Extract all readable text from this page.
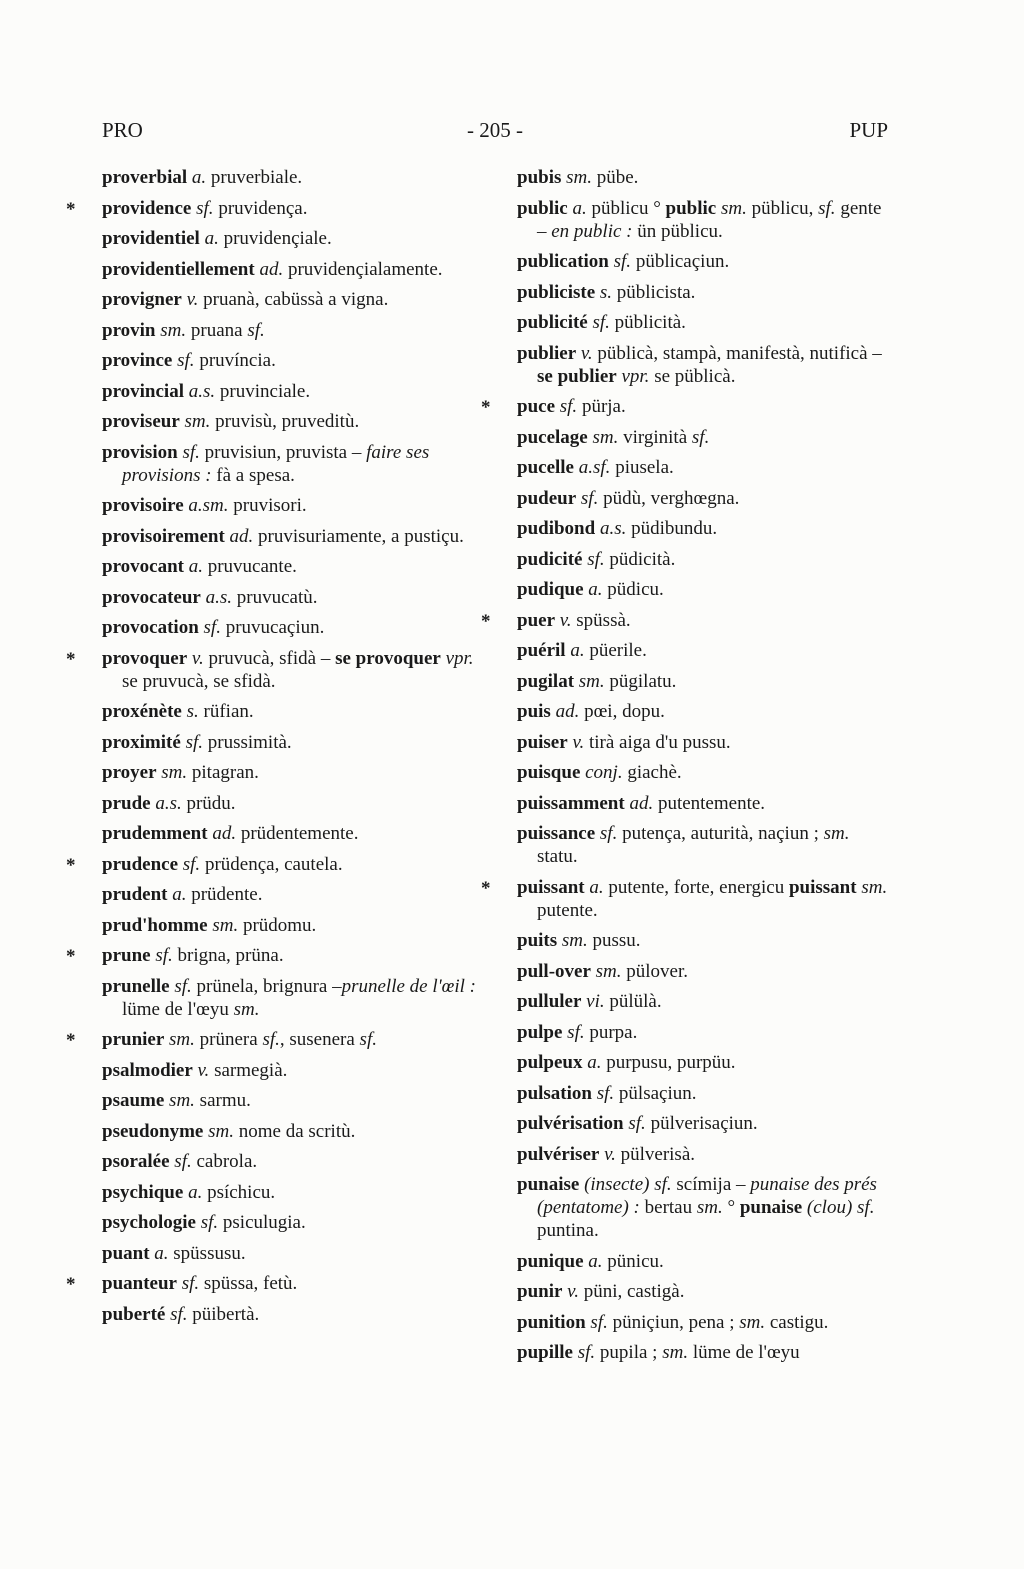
PRO	- 205 -	PUP
proverbial a. pruverbiale.
* providence sf. pruvidença.
providentiel a. pruvidençiale.
providentiellement ad. pruvidençialamente.
provigner v. pruanà, cabüssà a vigna.
provin sm. pruana sf.
province sf. pruvíncia.
provincial a.s. pruvinciale.
proviseur sm. pruvisù, pruveditù.
provision sf. pruvisiun, pruvista – faire ses provisions : fà a spesa.
provisoire a.sm. pruvisori.
provisoirement ad. pruvisuriamente, a pustiçu.
provocant a. pruvucante.
provocateur a.s. pruvucatù.
provocation sf. pruvucaçiun.
* provoquer v. pruvucà, sfidà – se provoquer vpr. se pruvucà, se sfidà.
proxénète s. rüfian.
proximité sf. prussimità.
proyer sm. pitagran.
prude a.s. prüdu.
prudemment ad. prüdentemente.
* prudence sf. prüdença, cautela.
prudent a. prüdente.
prud'homme sm. prüdomu.
* prune sf. brigna, prüna.
prunelle sf. prünela, brignura –prunelle de l'œil : lüme de l'œyu sm.
* prunier sm. prünera sf., susenera sf.
psalmodier v. sarmegià.
psaume sm. sarmu.
pseudonyme sm. nome da scritù.
psoralée sf. cabrola.
psychique a. psíchicu.
psychologie sf. psiculugia.
puant a. spüssusu.
* puanteur sf. spüssa, fetù.
puberté sf. püibertà.
pubis sm. pübe.
public a. püblicu ° public sm. püblicu, sf. gente – en public : ün püblicu.
publication sf. püblicaçiun.
publiciste s. püblicista.
publicité sf. püblicità.
publier v. püblicà, stampà, manifestà, nutificà – se publier vpr. se püblicà.
* puce sf. pürja.
pucelage sm. virginità sf.
pucelle a.sf. piusela.
pudeur sf. püdù, verghœgna.
pudibond a.s. püdibundu.
pudicité sf. püdicità.
pudique a. püdicu.
* puer v. spüssà.
puéril a. püerile.
pugilat sm. pügilatu.
puis ad. pœi, dopu.
puiser v. tirà aiga d'u pussu.
puisque conj. giachè.
puissamment ad. putentemente.
puissance sf. putença, auturità, naçiun ; sm. statu.
* puissant a. putente, forte, energicu puissant sm. putente.
puits sm. pussu.
pull-over sm. pülover.
pulluler vi. pülülà.
pulpe sf. purpa.
pulpeux a. purpusu, purpüu.
pulsation sf. pülsaçiun.
pulvérisation sf. pülverisaçiun.
pulvériser v. pülverisà.
punaise (insecte) sf. scímija – punaise des prés (pentatome) : bertau sm. ° punaise (clou) sf. puntina.
punique a. pünicu.
punir v. püni, castigà.
punition sf. püniçiun, pena ; sm. castigu.
pupille sf. pupila ; sm. lüme de l'œyu
